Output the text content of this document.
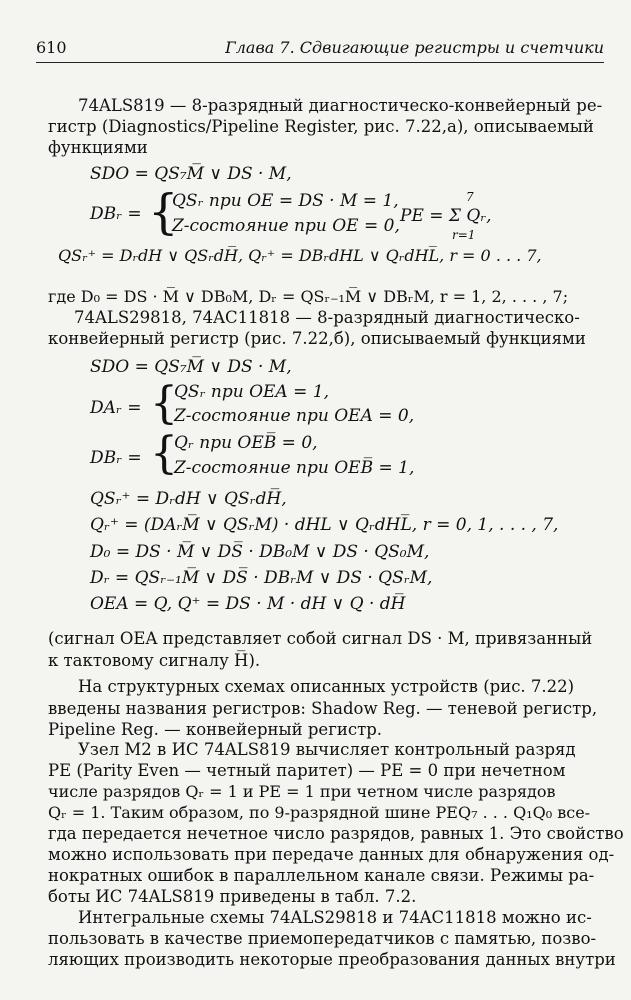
610	Глава 7. Сдвигающие регистры и счетчики
74ALS819 — 8-разрядный диагностическо-конвейерный ре-
гистр (Diagnostics/Pipeline Register, рис. 7.22,а), описываемый
функциями
SDO = QS₇M̅ ∨ DS · M,
DBᵣ = {
QSᵣ при OE = DS · M = 1,
Z-состояние при OE = 0,
7
PE = Σ Qᵣ,
r=1
QSᵣ⁺ = DᵣdH ∨ QSᵣdH̅, Qᵣ⁺ = DBᵣdHL ∨ QᵣdHL̅, r = 0 . . . 7,
где D₀ = DS · M̅ ∨ DB₀M, Dᵣ = QSᵣ₋₁M̅ ∨ DBᵣM, r = 1, 2, . . . , 7;
74ALS29818, 74AC11818 — 8-разрядный диагностическо-
конвейерный регистр (рис. 7.22,б), описываемый функциями
SDO = QS₇M̅ ∨ DS · M,
DAᵣ = {
QSᵣ при OEA = 1,
Z-состояние при OEA = 0,
DBᵣ = {
Qᵣ при OEB̅ = 0,
Z-состояние при OEB̅ = 1,
QSᵣ⁺ = DᵣdH ∨ QSᵣdH̅,
Qᵣ⁺ = (DAᵣM̅ ∨ QSᵣM) · dHL ∨ QᵣdHL̅, r = 0, 1, . . . , 7,
D₀ = DS · M̅ ∨ DS̅ · DB₀M ∨ DS · QS₀M,
Dᵣ = QSᵣ₋₁M̅ ∨ DS̅ · DBᵣM ∨ DS · QSᵣM,
OEA = Q, Q⁺ = DS · M · dH ∨ Q · dH̅
(сигнал OEA представляет собой сигнал DS · M, привязанный
к тактовому сигналу H̅).
На структурных схемах описанных устройств (рис. 7.22)
введены названия регистров: Shadow Reg. — теневой регистр,
Pipeline Reg. — конвейерный регистр.
Узел M2 в ИС 74ALS819 вычисляет контрольный разряд
PE (Parity Even — четный паритет) — PE = 0 при нечетном
числе разрядов Qᵣ = 1 и PE = 1 при четном числе разрядов
Qᵣ = 1. Таким образом, по 9-разрядной шине PEQ₇ . . . Q₁Q₀ все-
гда передается нечетное число разрядов, равных 1. Это свойство
можно использовать при передаче данных для обнаружения од-
нократных ошибок в параллельном канале связи. Режимы ра-
боты ИС 74ALS819 приведены в табл. 7.2.
Интегральные схемы 74ALS29818 и 74AC11818 можно ис-
пользовать в качестве приемопередатчиков с памятью, позво-
ляющих производить некоторые преобразования данных внутри
